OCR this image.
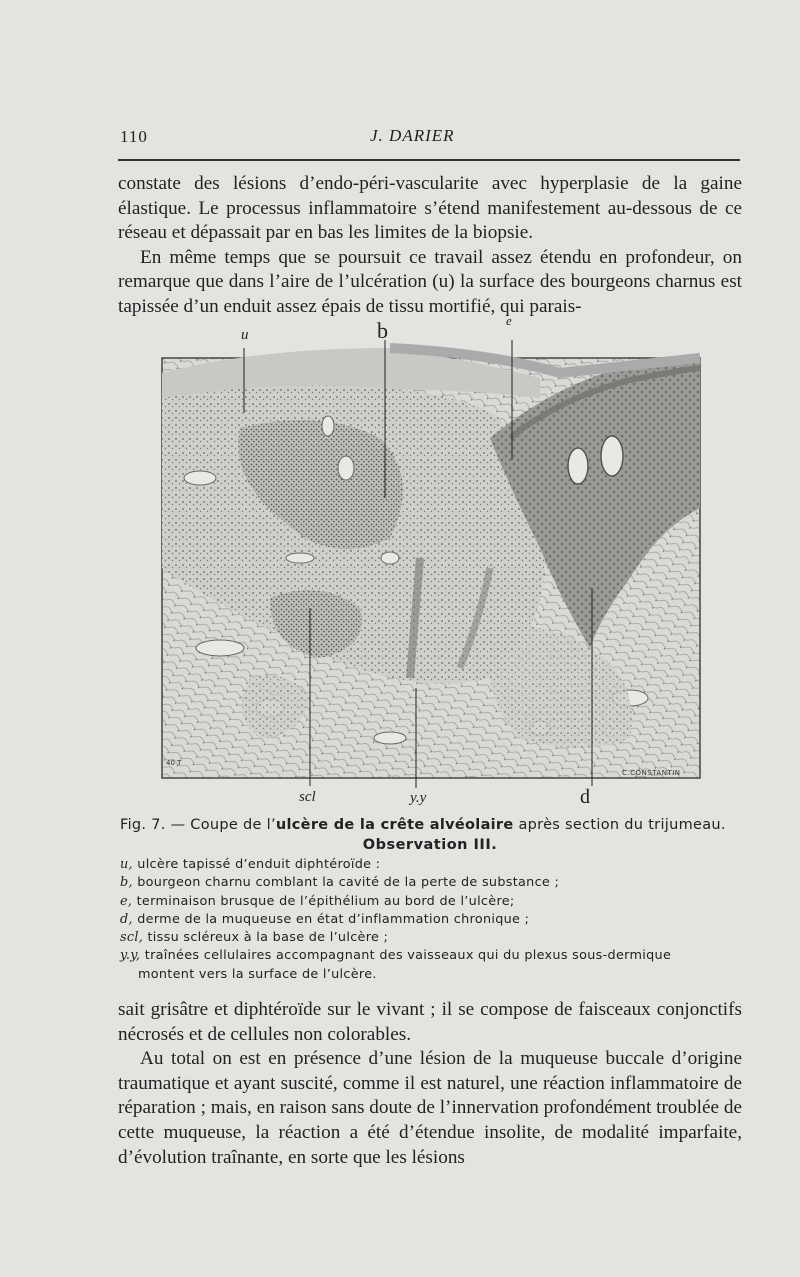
110	J. DARIER

constate des lésions d’endo-péri-vascularite avec hyperplasie de la gaine élastique. Le processus inflammatoire s’étend manifestement au-dessous de ce réseau et dépassait par en bas les limites de la biopsie.

En même temps que se poursuit ce travail assez étendu en profondeur, on remarque que dans l’aire de l’ulcération (u) la surface des bourgeons charnus est tapissée d’un enduit assez épais de tissu mortifié, qui parais-

u	b	e
scl	y.y	d
40 T
C.CONSTANTIN
Fig. 7. — Coupe de l’ulcère de la crête alvéolaire après section du trijumeau.
Observation III.

u, ulcère tapissé d’enduit diphtéroïde :

b, bourgeon charnu comblant la cavité de la perte de substance ;

e, terminaison brusque de l’épithélium au bord de l’ulcère;

d, derme de la muqueuse en état d’inflammation chronique ;

scl, tissu scléreux à la base de l’ulcère ;

y.y, traînées cellulaires accompagnant des vaisseaux qui du plexus sous-dermique

montent vers la surface de l’ulcère.

sait grisâtre et diphtéroïde sur le vivant ; il se compose de faisceaux conjonctifs nécrosés et de cellules non colorables.

Au total on est en présence d’une lésion de la muqueuse buccale d’origine traumatique et ayant suscité, comme il est naturel, une réaction inflammatoire de réparation ; mais, en raison sans doute de l’innervation profondément troublée de cette muqueuse, la réaction a été d’étendue insolite, de modalité imparfaite, d’évolution traînante, en sorte que les lésions
